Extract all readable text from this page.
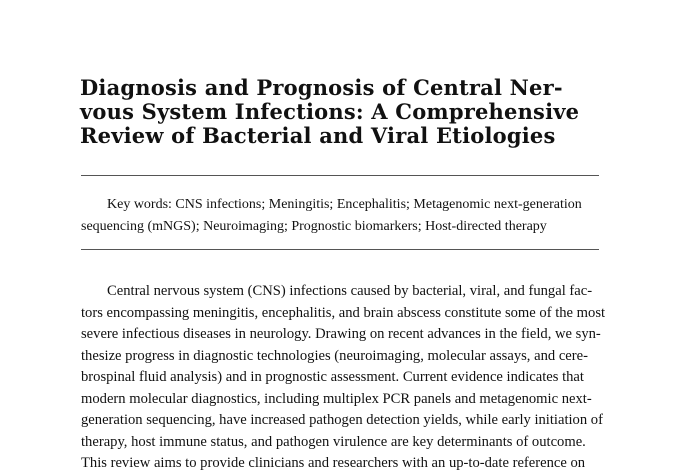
Diagnosis and Prognosis of Central Ner-
vous System Infections: A Comprehensive
Review of Bacterial and Viral Etiologies
Key words: CNS infections; Meningitis; Encephalitis; Metagenomic next-generation
sequencing (mNGS); Neuroimaging; Prognostic biomarkers; Host-directed therapy
Central nervous system (CNS) infections caused by bacterial, viral, and fungal fac-
tors encompassing meningitis, encephalitis, and brain abscess constitute some of the most
severe infectious diseases in neurology. Drawing on recent advances in the field, we syn-
thesize progress in diagnostic technologies (neuroimaging, molecular assays, and cere-
brospinal fluid analysis) and in prognostic assessment. Current evidence indicates that
modern molecular diagnostics, including multiplex PCR panels and metagenomic next-
generation sequencing, have increased pathogen detection yields, while early initiation of
therapy, host immune status, and pathogen virulence are key determinants of outcome.
This review aims to provide clinicians and researchers with an up-to-date reference on
